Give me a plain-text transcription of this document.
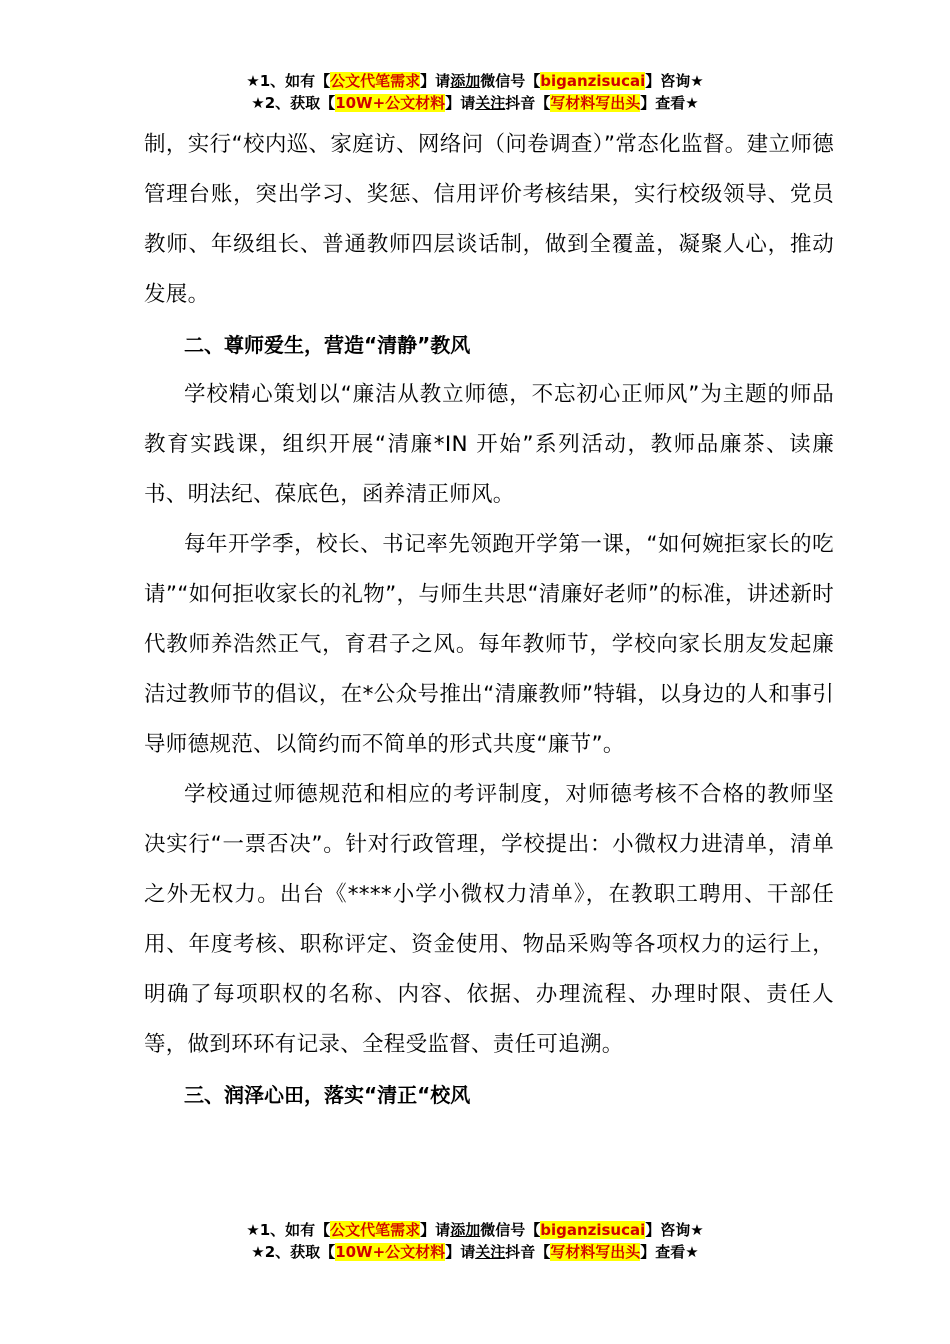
★1、如有【公文代笔需求】请添加微信号【biganzisucai】咨询★
★2、获取【10W+公文材料】请关注抖音【写材料写出头】查看★

制，实行“校内巡、家庭访、网络问（问卷调查）”常态化监督。建立师德管理台账，突出学习、奖惩、信用评价考核结果，实行校级领导、党员教师、年级组长、普通教师四层谈话制，做到全覆盖，凝聚人心，推动发展。

二、尊师爱生，营造“清静”教风

学校精心策划以“廉洁从教立师德，不忘初心正师风”为主题的师品教育实践课，组织开展“清廉*IN 开始”系列活动，教师品廉茶、读廉书、明法纪、葆底色，函养清正师风。

每年开学季，校长、书记率先领跑开学第一课，“如何婉拒家长的吃请”“如何拒收家长的礼物”，与师生共思“清廉好老师”的标准，讲述新时代教师养浩然正气，育君子之风。每年教师节，学校向家长朋友发起廉洁过教师节的倡议，在*公众号推出“清廉教师”特辑，以身边的人和事引导师德规范、以简约而不简单的形式共度“廉节”。

学校通过师德规范和相应的考评制度，对师德考核不合格的教师坚决实行“一票否决”。针对行政管理，学校提出：小微权力进清单，清单之外无权力。出台《****小学小微权力清单》，在教职工聘用、干部任用、年度考核、职称评定、资金使用、物品采购等各项权力的运行上，明确了每项职权的名称、内容、依据、办理流程、办理时限、责任人等，做到环环有记录、全程受监督、责任可追溯。

三、润泽心田，落实“清正“校风

★1、如有【公文代笔需求】请添加微信号【biganzisucai】咨询★
★2、获取【10W+公文材料】请关注抖音【写材料写出头】查看★
